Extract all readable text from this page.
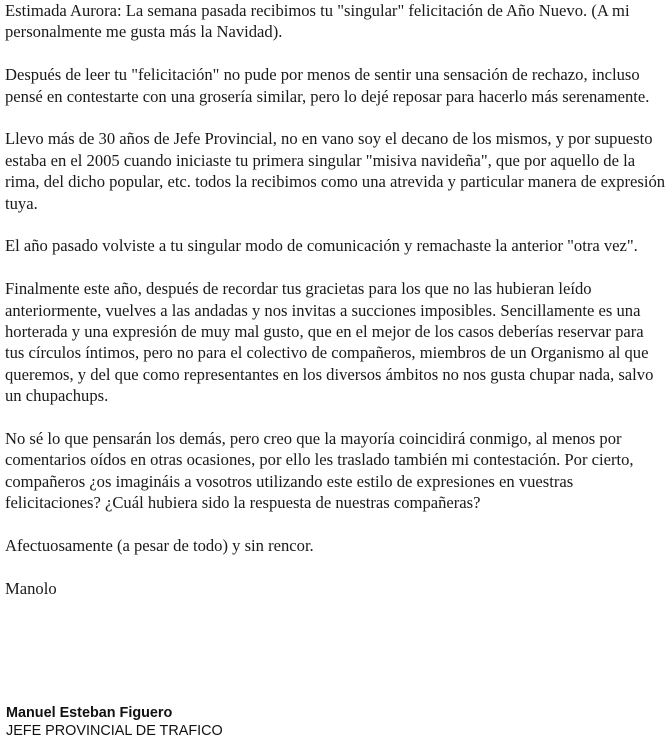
Estimada Aurora: La semana pasada recibimos tu "singular" felicitación de Año Nuevo. (A mi personalmente me gusta más la Navidad).

Después de leer tu "felicitación" no pude por menos de sentir una sensación de rechazo, incluso pensé en contestarte con una grosería similar, pero lo dejé reposar para hacerlo más serenamente.

Llevo más de 30 años de Jefe Provincial, no en vano soy el decano de los mismos, y por supuesto estaba en el 2005 cuando iniciaste tu primera singular "misiva navideña", que por aquello de la rima, del dicho popular, etc. todos la recibimos como una atrevida y particular manera de expresión tuya.

El año pasado volviste a tu singular modo de comunicación y remachaste la anterior "otra vez".

Finalmente este año, después de recordar tus gracietas para los que no las hubieran leído anteriormente, vuelves a las andadas y nos invitas a succiones imposibles. Sencillamente es una horterada y una expresión de muy mal gusto, que en el mejor de los casos deberías reservar para tus círculos íntimos, pero no para el colectivo de compañeros, miembros de un Organismo al que queremos, y del que como representantes en los diversos ámbitos no nos gusta chupar nada, salvo un chupachups.

No sé lo que pensarán los demás, pero creo que la mayoría coincidirá conmigo, al menos por comentarios oídos en otras ocasiones, por ello les traslado también mi contestación. Por cierto, compañeros ¿os imagináis a vosotros utilizando este estilo de expresiones en vuestras felicitaciones? ¿Cuál hubiera sido la respuesta de nuestras compañeras?

Afectuosamente (a pesar de todo) y sin rencor.

Manolo

Manuel Esteban Figuero
JEFE PROVINCIAL DE TRAFICO
